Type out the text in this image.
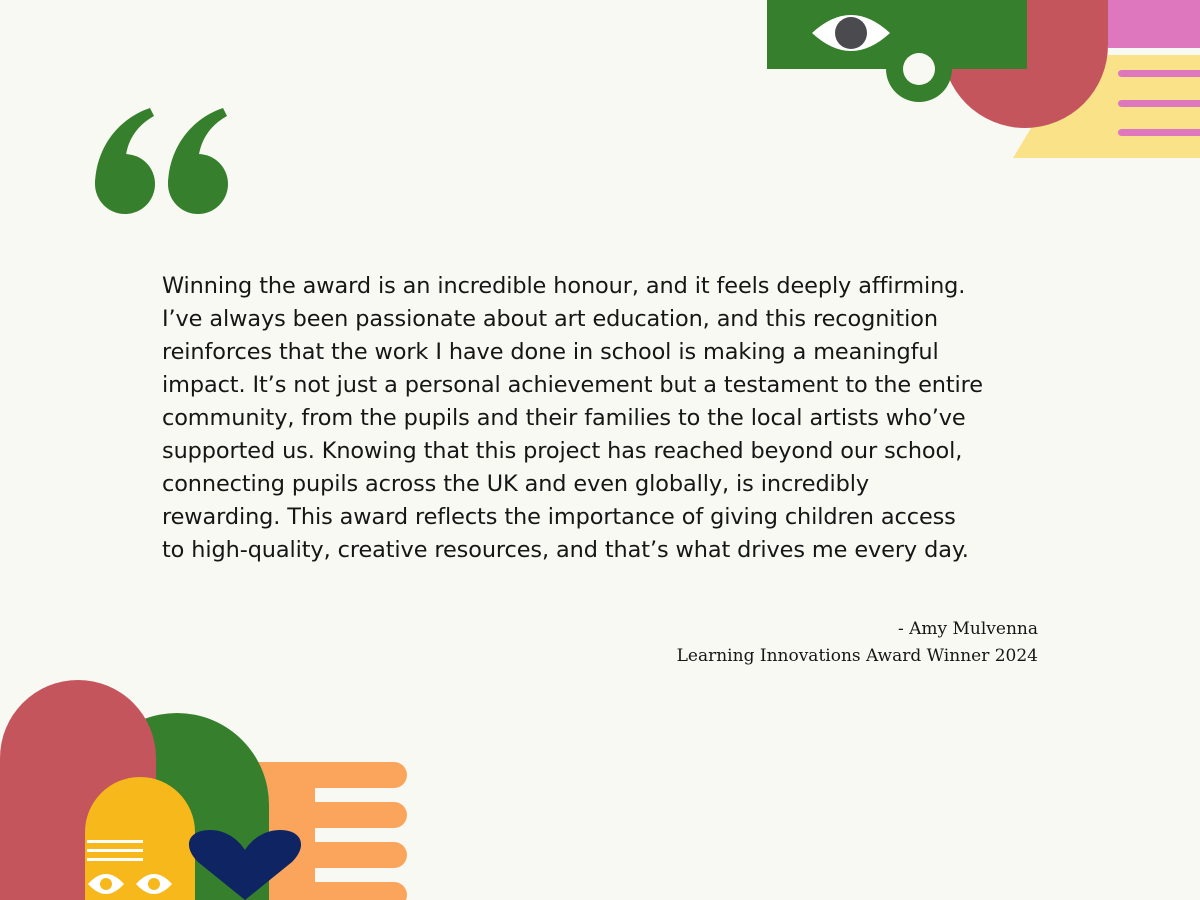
Winning the award is an incredible honour, and it feels deeply affirming.
I’ve always been passionate about art education, and this recognition
reinforces that the work I have done in school is making a meaningful
impact. It’s not just a personal achievement but a testament to the entire
community, from the pupils and their families to the local artists who’ve
supported us. Knowing that this project has reached beyond our school,
connecting pupils across the UK and even globally, is incredibly
rewarding. This award reflects the importance of giving children access
to high-quality, creative resources, and that’s what drives me every day.
- Amy Mulvenna
Learning Innovations Award Winner 2024
